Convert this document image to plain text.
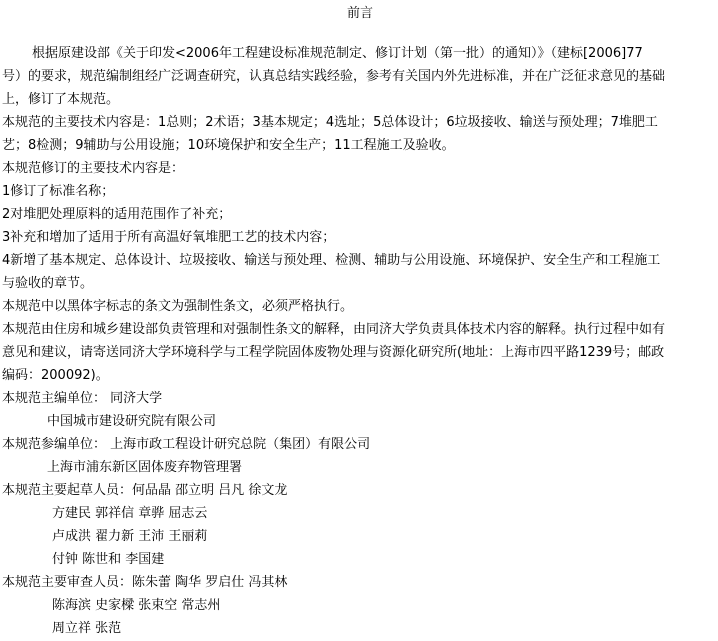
前言
根据原建设部《关于印发<2006年工程建设标准规范制定、修订计划（第一批）的通知）》（建标[2006]77
号）的要求，规范编制组经广泛调查研究，认真总结实践经验，参考有关国内外先进标准，并在广泛征求意见的基础
上，修订了本规范。
本规范的主要技术内容是：1总则；2术语；3基本规定；4选址；5总体设计；6垃圾接收、输送与预处理；7堆肥工
艺；8检测；9辅助与公用设施；10环境保护和安全生产；11工程施工及验收。
本规范修订的主要技术内容是：
1修订了标准名称；
2对堆肥处理原料的适用范围作了补充；
3补充和增加了适用于所有高温好氧堆肥工艺的技术内容；
4新增了基本规定、总体设计、垃圾接收、输送与预处理、检测、辅助与公用设施、环境保护、安全生产和工程施工
与验收的章节。
本规范中以黑体字标志的条文为强制性条文，必须严格执行。
本规范由住房和城乡建设部负责管理和对强制性条文的解释，由同济大学负责具体技术内容的解释。执行过程中如有
意见和建议，请寄送同济大学环境科学与工程学院固体废物处理与资源化研究所(地址：上海市四平路1239号；邮政
编码：200092)。
本规范主编单位： 同济大学
中国城市建设研究院有限公司
本规范参编单位： 上海市政工程设计研究总院（集团）有限公司
上海市浦东新区固体废弃物管理署
本规范主要起草人员：何品晶 邵立明 吕凡 徐文龙
方建民 郭祥信 章骅 屈志云
卢成洪 翟力新 王沛 王丽莉
付钟 陈世和 李国建
本规范主要审查人员：陈朱蕾 陶华 罗启仕 冯其林
陈海滨 史家樑 张束空 常志州
周立祥 张范
